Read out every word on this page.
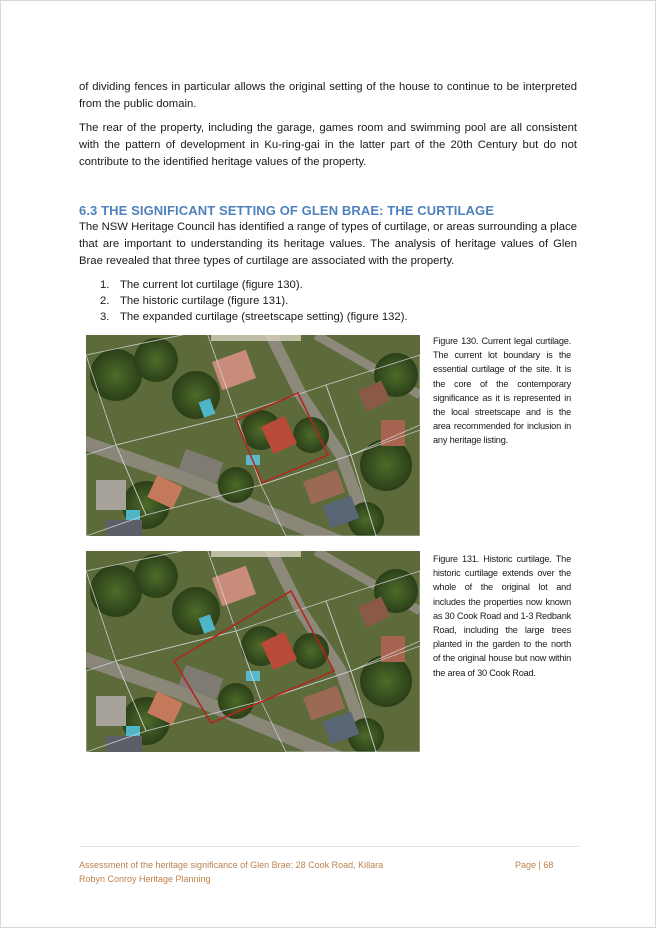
of dividing fences in particular allows the original setting of the house to continue to be interpreted from the public domain.

The rear of the property, including the garage, games room and swimming pool are all consistent with the pattern of development in Ku-ring-gai in the latter part of the 20th Century but do not contribute to the identified heritage values of the property.

6.3 THE SIGNIFICANT SETTING OF GLEN BRAE: THE CURTILAGE

The NSW Heritage Council has identified a range of types of curtilage, or areas surrounding a place that are important to understanding its heritage values. The analysis of heritage values of Glen Brae revealed that three types of curtilage are associated with the property.

1. The current lot curtilage (figure 130).
2. The historic curtilage (figure 131).
3. The expanded curtilage (streetscape setting) (figure 132).

Figure 130. Current legal curtilage. The current lot boundary is the essential curtilage of the site. It is the core of the contemporary significance as it is represented in the local streetscape and is the area recommended for inclusion in any heritage listing.

Figure 131. Historic curtilage. The historic curtilage extends over the whole of the original lot and includes the properties now known as 30 Cook Road and 1-3 Redbank Road, including the large trees planted in the garden to the north of the original house but now within the area of 30 Cook Road.

Assessment of the heritage significance of Glen Brae: 28 Cook Road, Killara
Robyn Conroy Heritage Planning
Page | 68
